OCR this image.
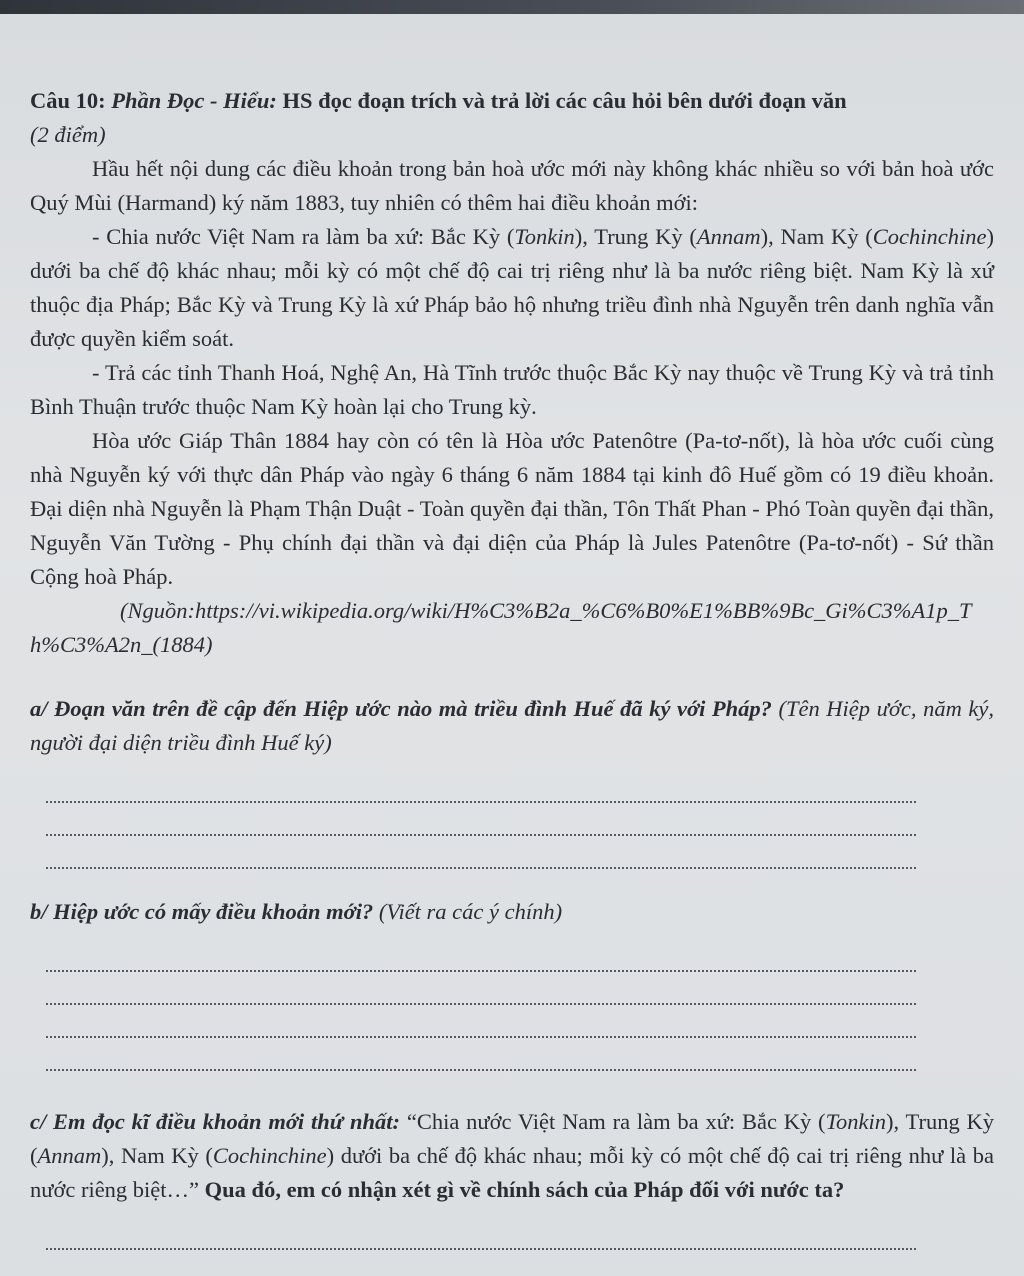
Câu 10: Phần Đọc - Hiểu: HS đọc đoạn trích và trả lời các câu hỏi bên dưới đoạn văn

(2 điểm)

Hầu hết nội dung các điều khoản trong bản hoà ước mới này không khác nhiều so với bản hoà ước Quý Mùi (Harmand) ký năm 1883, tuy nhiên có thêm hai điều khoản mới:

- Chia nước Việt Nam ra làm ba xứ: Bắc Kỳ (Tonkin), Trung Kỳ (Annam), Nam Kỳ (Cochinchine) dưới ba chế độ khác nhau; mỗi kỳ có một chế độ cai trị riêng như là ba nước riêng biệt. Nam Kỳ là xứ thuộc địa Pháp; Bắc Kỳ và Trung Kỳ là xứ Pháp bảo hộ nhưng triều đình nhà Nguyễn trên danh nghĩa vẫn được quyền kiểm soát.

- Trả các tỉnh Thanh Hoá, Nghệ An, Hà Tĩnh trước thuộc Bắc Kỳ nay thuộc về Trung Kỳ và trả tỉnh Bình Thuận trước thuộc Nam Kỳ hoàn lại cho Trung kỳ.

Hòa ước Giáp Thân 1884 hay còn có tên là Hòa ước Patenôtre (Pa-tơ-nốt), là hòa ước cuối cùng nhà Nguyễn ký với thực dân Pháp vào ngày 6 tháng 6 năm 1884 tại kinh đô Huế gồm có 19 điều khoản. Đại diện nhà Nguyễn là Phạm Thận Duật - Toàn quyền đại thần, Tôn Thất Phan - Phó Toàn quyền đại thần, Nguyễn Văn Tường - Phụ chính đại thần và đại diện của Pháp là Jules Patenôtre (Pa-tơ-nốt) - Sứ thần Cộng hoà Pháp.

(Nguồn:https://vi.wikipedia.org/wiki/H%C3%B2a_%C6%B0%E1%BB%9Bc_Gi%C3%A1p_Th%C3%A2n_(1884)

a/ Đoạn văn trên đề cập đến Hiệp ước nào mà triều đình Huế đã ký với Pháp? (Tên Hiệp ước, năm ký, người đại diện triều đình Huế ký)

b/ Hiệp ước có mấy điều khoản mới? (Viết ra các ý chính)

c/ Em đọc kĩ điều khoản mới thứ nhất: “Chia nước Việt Nam ra làm ba xứ: Bắc Kỳ (Tonkin), Trung Kỳ (Annam), Nam Kỳ (Cochinchine) dưới ba chế độ khác nhau; mỗi kỳ có một chế độ cai trị riêng như là ba nước riêng biệt…” Qua đó, em có nhận xét gì về chính sách của Pháp đối với nước ta?
